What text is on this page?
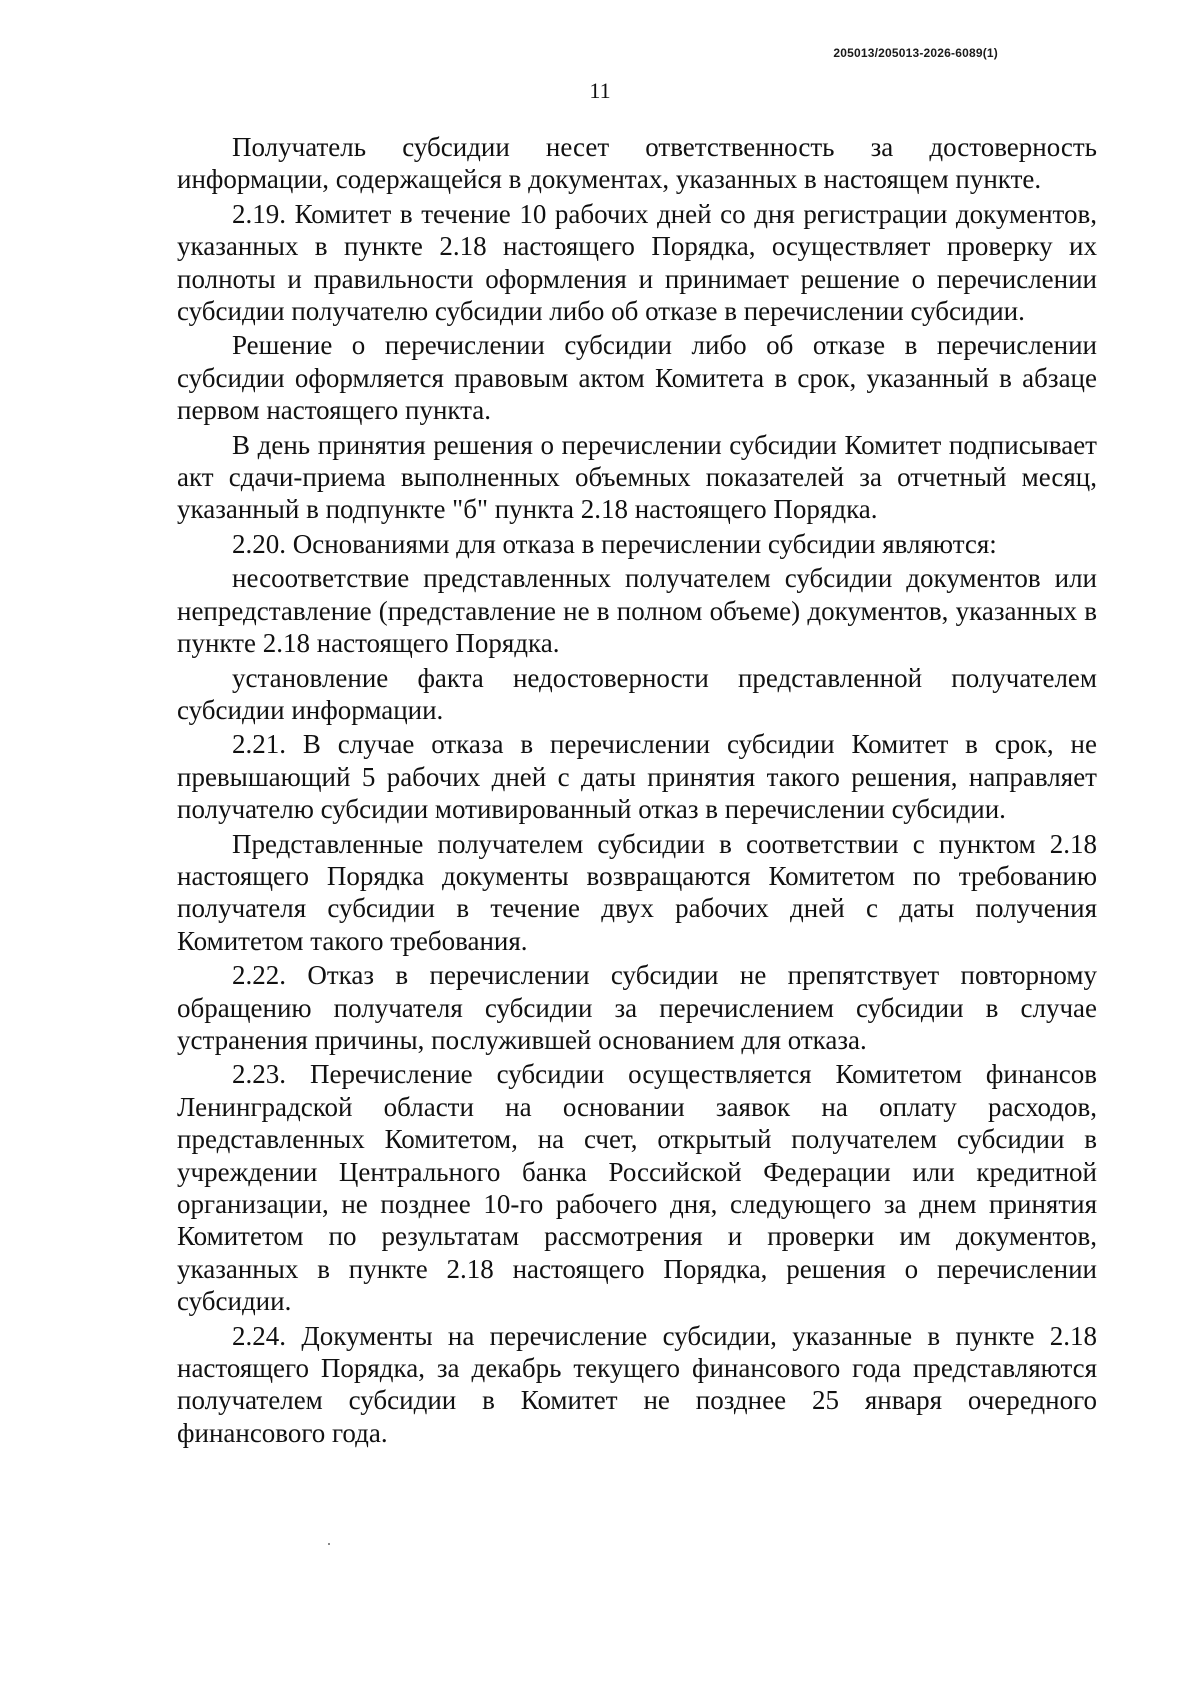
205013/205013-2026-6089(1)
11

Получатель субсидии несет ответственность за достоверность информации, содержащейся в документах, указанных в настоящем пункте.

2.19. Комитет в течение 10 рабочих дней со дня регистрации документов, указанных в пункте 2.18 настоящего Порядка, осуществляет проверку их полноты и правильности оформления и принимает решение о перечислении субсидии получателю субсидии либо об отказе в перечислении субсидии.

Решение о перечислении субсидии либо об отказе в перечислении субсидии оформляется правовым актом Комитета в срок, указанный в абзаце первом настоящего пункта.

В день принятия решения о перечислении субсидии Комитет подписывает акт сдачи-приема выполненных объемных показателей за отчетный месяц, указанный в подпункте "б" пункта 2.18 настоящего Порядка.

2.20. Основаниями для отказа в перечислении субсидии являются:

несоответствие представленных получателем субсидии документов или непредставление (представление не в полном объеме) документов, указанных в пункте 2.18 настоящего Порядка.

установление факта недостоверности представленной получателем субсидии информации.

2.21. В случае отказа в перечислении субсидии Комитет в срок, не превышающий 5 рабочих дней с даты принятия такого решения, направляет получателю субсидии мотивированный отказ в перечислении субсидии.

Представленные получателем субсидии в соответствии с пунктом 2.18 настоящего Порядка документы возвращаются Комитетом по требованию получателя субсидии в течение двух рабочих дней с даты получения Комитетом такого требования.

2.22. Отказ в перечислении субсидии не препятствует повторному обращению получателя субсидии за перечислением субсидии в случае устранения причины, послужившей основанием для отказа.

2.23. Перечисление субсидии осуществляется Комитетом финансов Ленинградской области на основании заявок на оплату расходов, представленных Комитетом, на счет, открытый получателем субсидии в учреждении Центрального банка Российской Федерации или кредитной организации, не позднее 10-го рабочего дня, следующего за днем принятия Комитетом по результатам рассмотрения и проверки им документов, указанных в пункте 2.18 настоящего Порядка, решения о перечислении субсидии.

2.24. Документы на перечисление субсидии, указанные в пункте 2.18 настоящего Порядка, за декабрь текущего финансового года представляются получателем субсидии в Комитет не позднее 25 января очередного финансового года.
